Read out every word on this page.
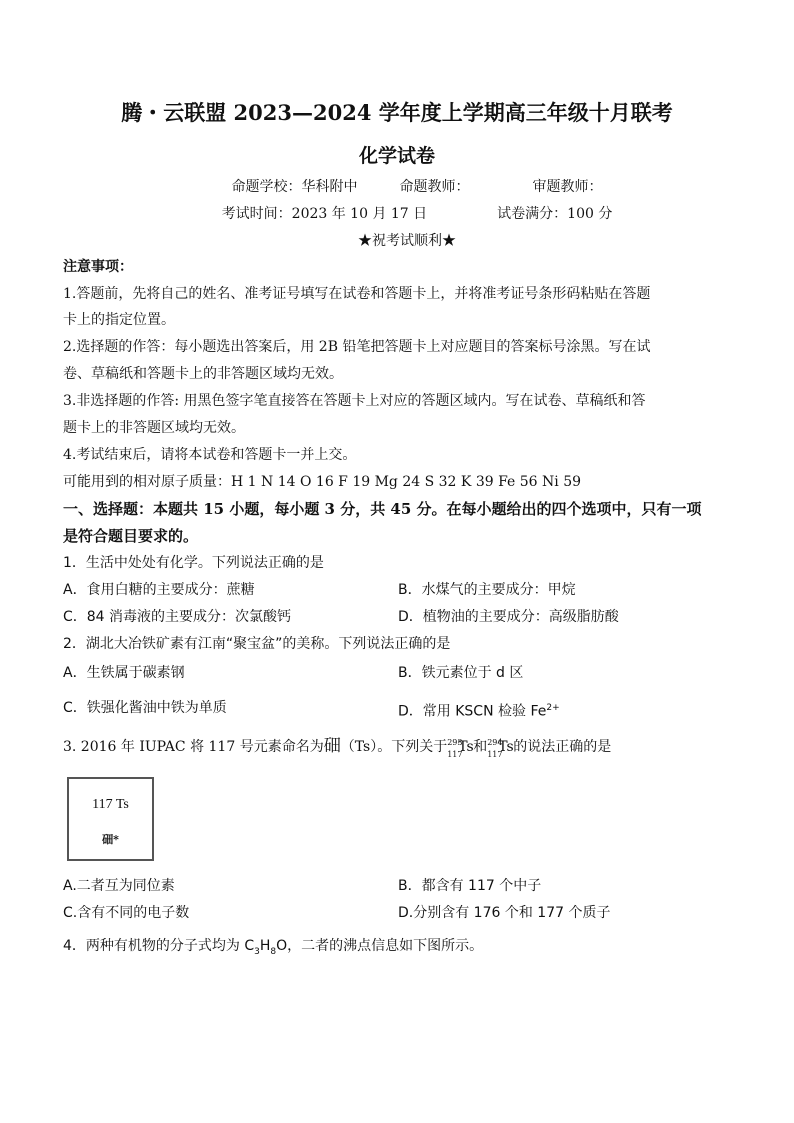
腾・云联盟 2023—2024 学年度上学期高三年级十月联考
化学试卷
命题学校：华科附中　　　命题教师：　　　　　审题教师：
考试时间：2023 年 10 月 17 日　　　　　试卷满分：100 分
★祝考试顺利★
注意事项：
1.答题前，先将自己的姓名、准考证号填写在试卷和答题卡上，并将准考证号条形码粘贴在答题
卡上的指定位置。
2.选择题的作答：每小题选出答案后，用 2B 铅笔把答题卡上对应题目的答案标号涂黑。写在试
卷、草稿纸和答题卡上的非答题区域均无效。
3.非选择题的作答: 用黑色签字笔直接答在答题卡上对应的答题区域内。写在试卷、草稿纸和答
题卡上的非答题区域均无效。
4.考试结束后，请将本试卷和答题卡一并上交。
可能用到的相对原子质量：H 1 N 14 O 16 F 19 Mg 24 S 32 K 39 Fe 56 Ni 59
一、选择题：本题共 15 小题，每小题 3 分，共 45 分。在每小题给出的四个选项中，只有一项
是符合题目要求的。
1．生活中处处有化学。下列说法正确的是
A．食用白糖的主要成分：蔗糖	B．水煤气的主要成分：甲烷
C．84 消毒液的主要成分：次氯酸钙	D．植物油的主要成分：高级脂肪酸
2．湖北大冶铁矿素有江南“聚宝盆”的美称。下列说法正确的是
A．生铁属于碳素钢	B．铁元素位于 d 区
C．铁强化酱油中铁为单质	D．常用 KSCN 检验 $Fe^{2+}$
3. 2016 年 IUPAC 将 117 号元素命名为鿬（Ts）。下列关于 293
117
Ts 和 294
117
Ts 的说法正确的是
117 Ts
鿬*
A.二者互为同位素	B．都含有 117 个中子
C.含有不同的电子数	D.分别含有 176 个和 177 个质子
4．两种有机物的分子式均为 $C_3H_8O$，二者的沸点信息如下图所示。
